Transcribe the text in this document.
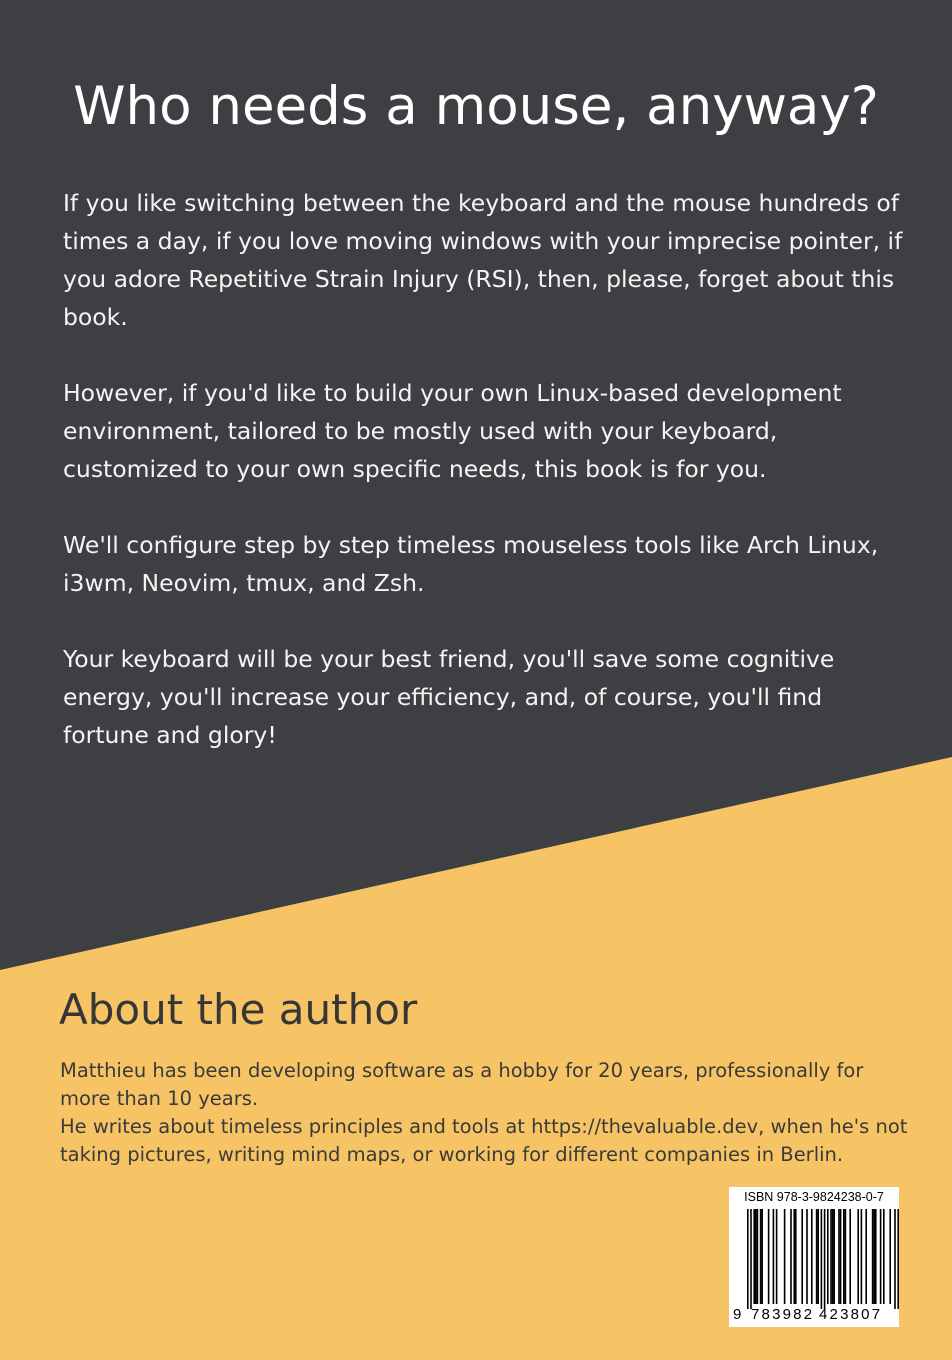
Who needs a mouse, anyway?

If you like switching between the keyboard and the mouse hundreds of times a day, if you love moving windows with your imprecise pointer, if you adore Repetitive Strain Injury (RSI), then, please, forget about this book.

However, if you'd like to build your own Linux-based development environment, tailored to be mostly used with your keyboard, customized to your own specific needs, this book is for you.

We'll configure step by step timeless mouseless tools like Arch Linux, i3wm, Neovim, tmux, and Zsh.

Your keyboard will be your best friend, you'll save some cognitive energy, you'll increase your efficiency, and, of course, you'll find fortune and glory!

About the author

Matthieu has been developing software as a hobby for 20 years, professionally for more than 10 years.

He writes about timeless principles and tools at https://thevaluable.dev, when he's not taking pictures, writing mind maps, or working for different companies in Berlin.

ISBN 978-3-9824238-0-7
9 783982 423807
